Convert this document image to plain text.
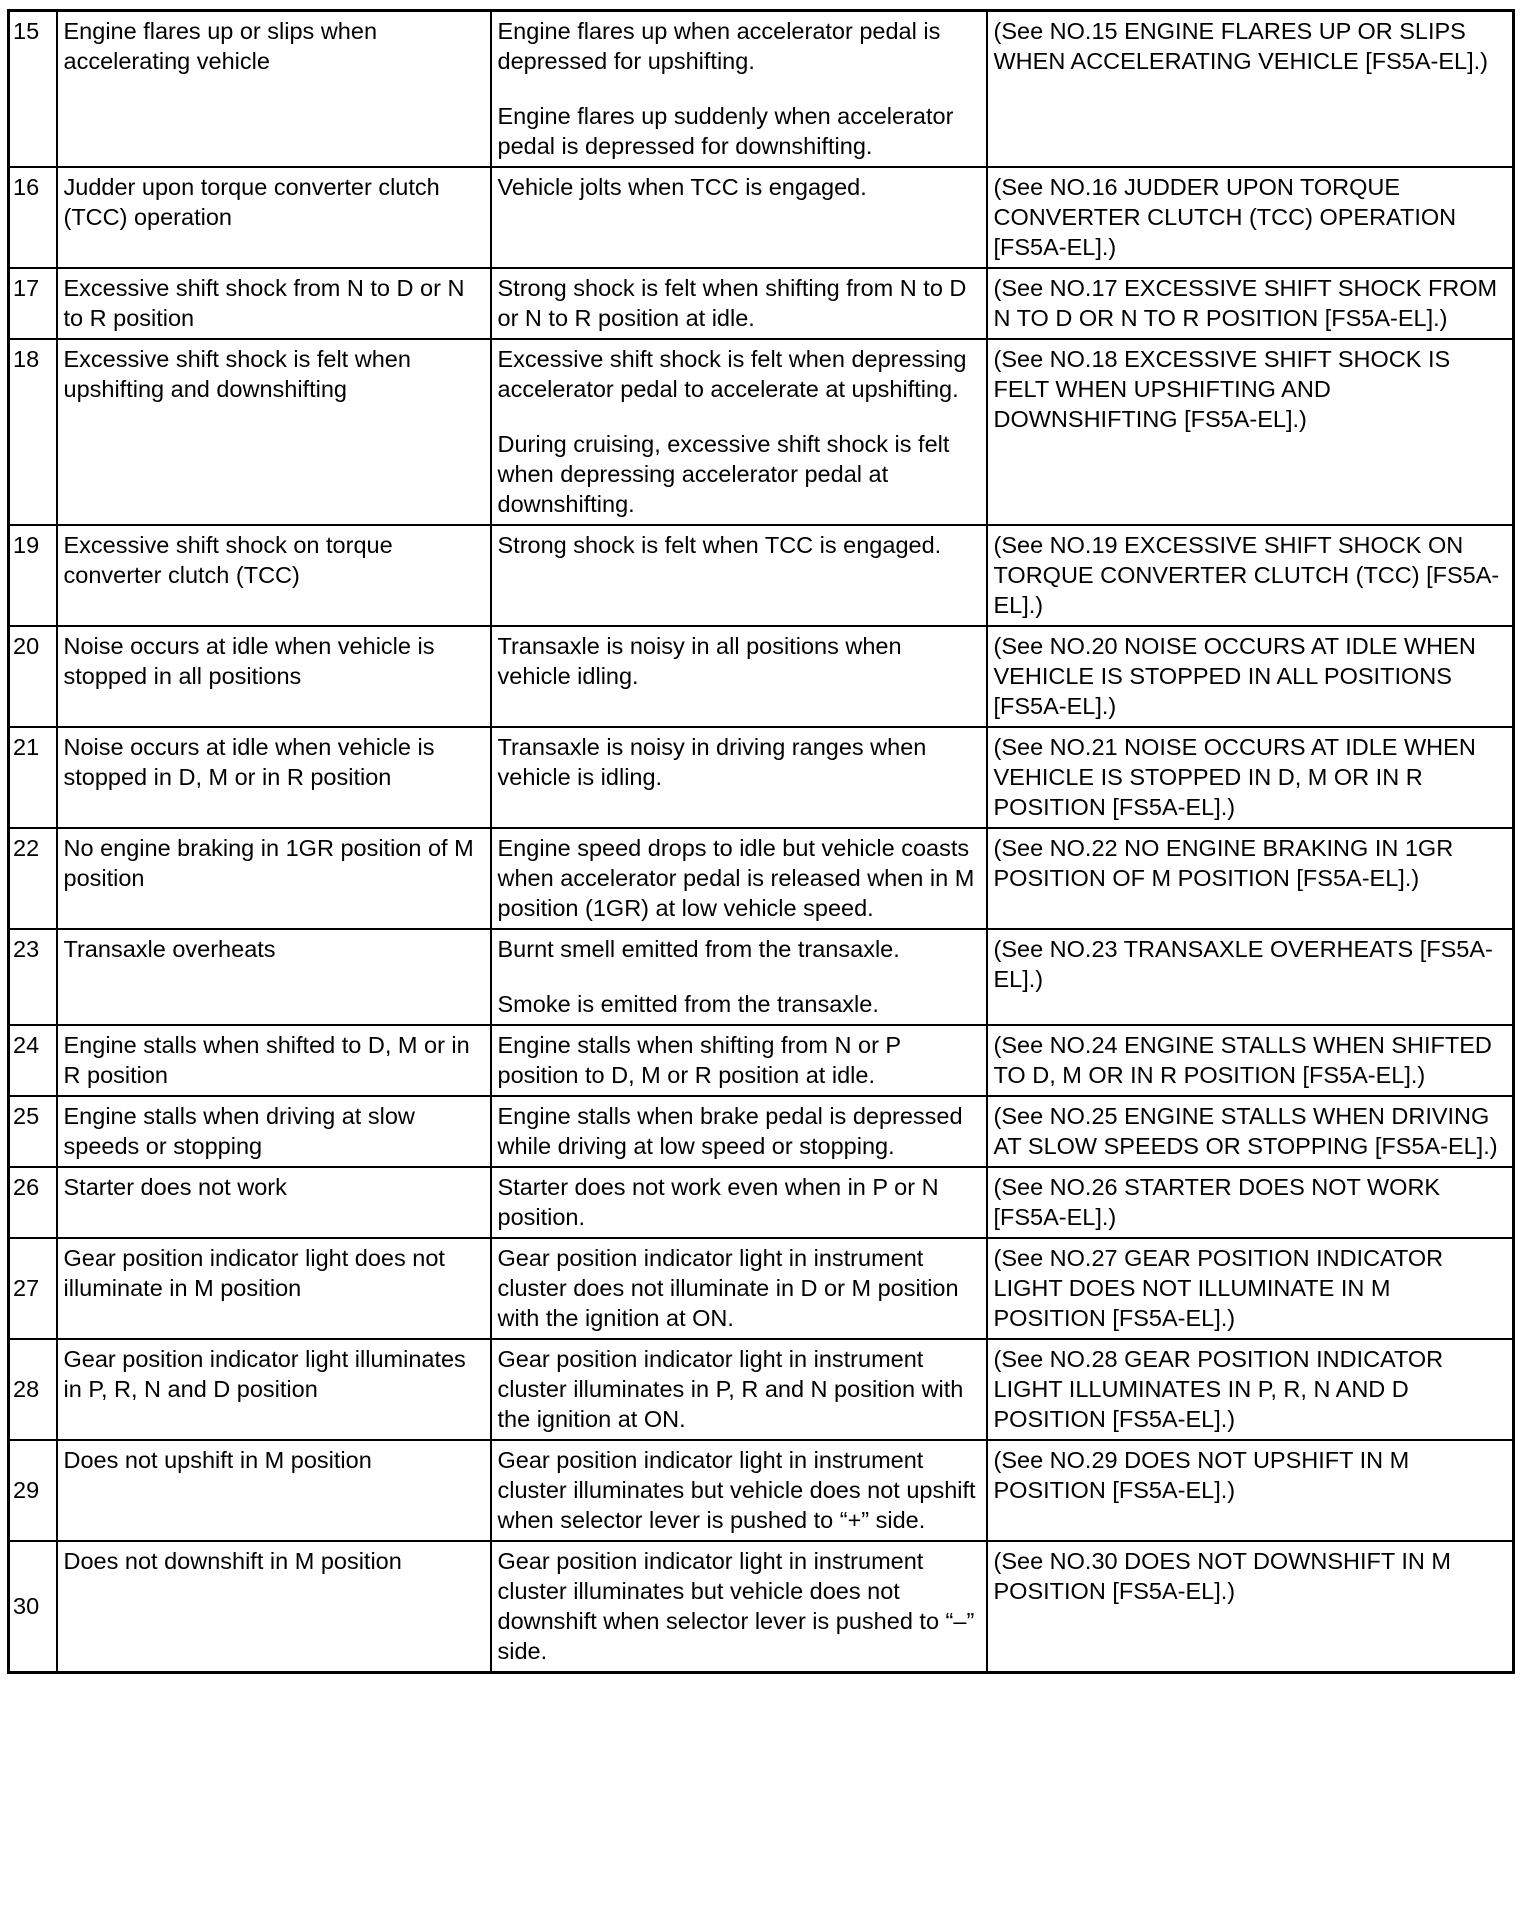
15	Engine flares up or slips when accelerating vehicle	Engine flares up when accelerator pedal is depressed for upshifting.

Engine flares up suddenly when accelerator pedal is depressed for downshifting.	(See NO.15 ENGINE FLARES UP OR SLIPS WHEN ACCELERATING VEHICLE [FS5A-EL].)
16	Judder upon torque converter clutch (TCC) operation	Vehicle jolts when TCC is engaged.	(See NO.16 JUDDER UPON TORQUE CONVERTER CLUTCH (TCC) OPERATION [FS5A-EL].)
17	Excessive shift shock from N to D or N to R position	Strong shock is felt when shifting from N to D or N to R position at idle.	(See NO.17 EXCESSIVE SHIFT SHOCK FROM N TO D OR N TO R POSITION [FS5A-EL].)
18	Excessive shift shock is felt when upshifting and downshifting	Excessive shift shock is felt when depressing accelerator pedal to accelerate at upshifting.

During cruising, excessive shift shock is felt when depressing accelerator pedal at downshifting.	(See NO.18 EXCESSIVE SHIFT SHOCK IS FELT WHEN UPSHIFTING AND DOWNSHIFTING [FS5A-EL].)
19	Excessive shift shock on torque converter clutch (TCC)	Strong shock is felt when TCC is engaged.	(See NO.19 EXCESSIVE SHIFT SHOCK ON TORQUE CONVERTER CLUTCH (TCC) [FS5A-EL].)
20	Noise occurs at idle when vehicle is stopped in all positions	Transaxle is noisy in all positions when vehicle idling.	(See NO.20 NOISE OCCURS AT IDLE WHEN VEHICLE IS STOPPED IN ALL POSITIONS [FS5A-EL].)
21	Noise occurs at idle when vehicle is stopped in D, M or in R position	Transaxle is noisy in driving ranges when vehicle is idling.	(See NO.21 NOISE OCCURS AT IDLE WHEN VEHICLE IS STOPPED IN D, M OR IN R POSITION [FS5A-EL].)
22	No engine braking in 1GR position of M position	Engine speed drops to idle but vehicle coasts when accelerator pedal is released when in M position (1GR) at low vehicle speed.	(See NO.22 NO ENGINE BRAKING IN 1GR POSITION OF M POSITION [FS5A-EL].)
23	Transaxle overheats	Burnt smell emitted from the transaxle.

Smoke is emitted from the transaxle.	(See NO.23 TRANSAXLE OVERHEATS [FS5A-EL].)
24	Engine stalls when shifted to D, M or in R position	Engine stalls when shifting from N or P position to D, M or R position at idle.	(See NO.24 ENGINE STALLS WHEN SHIFTED TO D, M OR IN R POSITION [FS5A-EL].)
25	Engine stalls when driving at slow speeds or stopping	Engine stalls when brake pedal is depressed while driving at low speed or stopping.	(See NO.25 ENGINE STALLS WHEN DRIVING AT SLOW SPEEDS OR STOPPING [FS5A-EL].)
26	Starter does not work	Starter does not work even when in P or N position.	(See NO.26 STARTER DOES NOT WORK [FS5A-EL].)
27	Gear position indicator light does not illuminate in M position	Gear position indicator light in instrument cluster does not illuminate in D or M position with the ignition at ON.	(See NO.27 GEAR POSITION INDICATOR LIGHT DOES NOT ILLUMINATE IN M POSITION [FS5A-EL].)
28	Gear position indicator light illuminates in P, R, N and D position	Gear position indicator light in instrument cluster illuminates in P, R and N position with the ignition at ON.	(See NO.28 GEAR POSITION INDICATOR LIGHT ILLUMINATES IN P, R, N AND D POSITION [FS5A-EL].)
29	Does not upshift in M position	Gear position indicator light in instrument cluster illuminates but vehicle does not upshift when selector lever is pushed to “+” side.	(See NO.29 DOES NOT UPSHIFT IN M POSITION [FS5A-EL].)
30	Does not downshift in M position	Gear position indicator light in instrument cluster illuminates but vehicle does not downshift when selector lever is pushed to “–” side.	(See NO.30 DOES NOT DOWNSHIFT IN M POSITION [FS5A-EL].)
